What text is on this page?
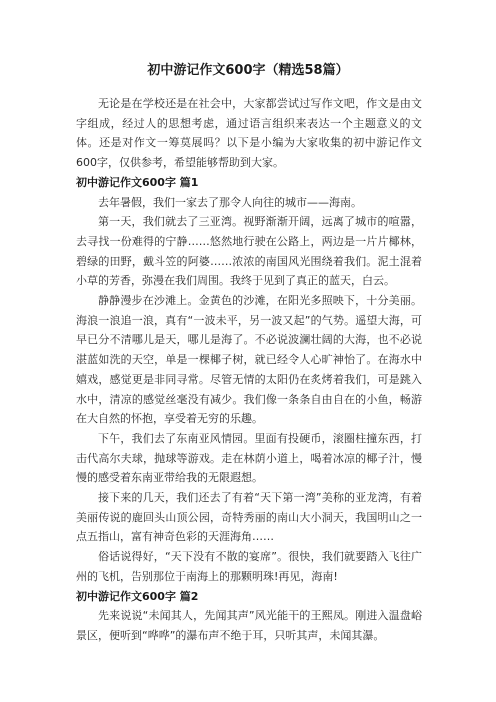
初中游记作文600字（精选58篇）

无论是在学校还是在社会中，大家都尝试过写作文吧，作文是由文字组成，经过人的思想考虑，通过语言组织来表达一个主题意义的文体。还是对作文一筹莫展吗？以下是小编为大家收集的初中游记作文600字，仅供参考，希望能够帮助到大家。

初中游记作文600字 篇1

去年暑假，我们一家去了那令人向往的城市——海南。

第一天，我们就去了三亚湾。视野渐渐开阔，远离了城市的喧嚣，去寻找一份难得的宁静……悠然地行驶在公路上，两边是一片片椰林，碧绿的田野，戴斗笠的阿婆……浓浓的南国风光围绕着我们。泥土混着小草的芳香，弥漫在我们周围。我终于见到了真正的蓝天，白云。

静静漫步在沙滩上。金黄色的沙滩，在阳光多照映下，十分美丽。海浪一浪追一浪，真有“一波未平，另一波又起”的气势。遥望大海，可早已分不清哪儿是天，哪儿是海了。不必说波澜壮阔的大海，也不必说湛蓝如洗的天空，单是一棵椰子树，就已经令人心旷神怡了。在海水中嬉戏，感觉更是非同寻常。尽管无情的太阳仍在炙烤着我们，可是跳入水中，清凉的感觉丝毫没有减少。我们像一条条自由自在的小鱼，畅游在大自然的怀抱，享受着无穷的乐趣。

下午，我们去了东南亚风情园。里面有投硬币，滚圈柱撞东西，打击代高尔夫球，抛球等游戏。走在林荫小道上，喝着冰凉的椰子汁，慢慢的感受着东南亚带给我的无限遐想。

接下来的几天，我们还去了有着“天下第一湾”美称的亚龙湾，有着美丽传说的鹿回头山顶公园，奇特秀丽的南山大小洞天，我国明山之一点五指山，富有神奇色彩的天涯海角……

俗话说得好，“天下没有不散的宴席”。很快，我们就要踏入飞往广州的飞机，告别那位于南海上的那颗明珠!再见，海南!

初中游记作文600字 篇2

先来说说“未闻其人，先闻其声”风光能干的王熙凤。刚进入温盘峪景区，便听到“哗哗”的瀑布声不绝于耳，只听其声，未闻其瀑。
